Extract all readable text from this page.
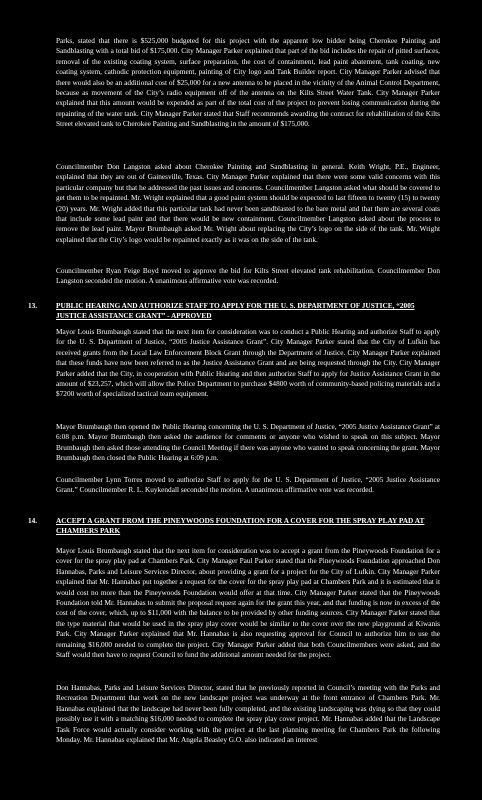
Parks, stated that there is $525,000 budgeted for this project with the apparent low bidder being Cherokee Painting and Sandblasting with a total bid of $175,000. City Manager Parker explained that part of the bid includes the repair of pitted surfaces, removal of the existing coating system, surface preparation, the cost of containment, lead paint abatement, tank coating, new coating system, cathodic protection equipment, painting of City logo and Tank Builder report. City Manager Parker advised that there would also be an additional cost of $25,000 for a new antenna to be placed in the vicinity of the Animal Control Department, because as movement of the City’s radio equipment off of the antenna on the Kilts Street Water Tank. City Manager Parker explained that this amount would be expended as part of the total cost of the project to prevent losing communication during the repainting of the water tank. City Manager Parker stated that Staff recommends awarding the contract for rehabilitation of the Kilts Street elevated tank to Cherokee Painting and Sandblasting in the amount of $175,000.

Councilmember Don Langston asked about Cherokee Painting and Sandblasting in general. Keith Wright, P.E., Engineer, explained that they are out of Gainesville, Texas. City Manager Parker explained that there were some valid concerns with this particular company but that he addressed the past issues and concerns. Councilmember Langston asked what should be covered to get them to be repainted. Mr. Wright explained that a good paint system should be expected to last fifteen to twenty (15) to twenty (20) years. Mr. Wright added that this particular tank had never been sandblasted to the bare metal and that there are several coats that include some lead paint and that there would be new containment. Councilmember Langston asked about the process to remove the lead paint. Mayor Brumbaugh asked Mr. Wright about replacing the City’s logo on the side of the tank. Mr. Wright explained that the City’s logo would be repainted exactly as it was on the side of the tank.

Councilmember Ryan Feige Boyd moved to approve the bid for Kilts Street elevated tank rehabilitation. Councilmember Don Langston seconded the motion. A unanimous affirmative vote was recorded.

13.	PUBLIC HEARING AND AUTHORIZE STAFF TO APPLY FOR THE U. S. DEPARTMENT OF JUSTICE, “2005 JUSTICE ASSISTANCE GRANT” - APPROVED

Mayor Louis Brumbaugh stated that the next item for consideration was to conduct a Public Hearing and authorize Staff to apply for the U. S. Department of Justice, “2005 Justice Assistance Grant”. City Manager Parker stated that the City of Lufkin has received grants from the Local Law Enforcement Block Grant through the Department of Justice. City Manager Parker explained that these funds have now been referred to as the Justice Assistance Grant and are being requested through the City. City Manager Parker added that the City, in cooperation with Public Hearing and then authorize Staff to apply for Justice Assistance Grant in the amount of $23,257, which will allow the Police Department to purchase $4800 worth of community-based policing materials and a $7200 worth of specialized tactical team equipment.

Mayor Brumbaugh then opened the Public Hearing concerning the U. S. Department of Justice, “2005 Justice Assistance Grant” at 6:08 p.m. Mayor Brumbaugh then asked the audience for comments or anyone who wished to speak on this subject. Mayor Brumbaugh then asked those attending the Council Meeting if there was anyone who wanted to speak concerning the grant. Mayor Brumbaugh then closed the Public Hearing at 6:09 p.m.

Councilmember Lynn Torres moved to authorize Staff to apply for the U. S. Department of Justice, “2005 Justice Assistance Grant.” Councilmember R. L. Kuykendall seconded the motion. A unanimous affirmative vote was recorded.

14.	ACCEPT A GRANT FROM THE PINEYWOODS FOUNDATION FOR A COVER FOR THE SPRAY PLAY PAD AT CHAMBERS PARK

Mayor Louis Brumbaugh stated that the next item for consideration was to accept a grant from the Pineywoods Foundation for a cover for the spray play pad at Chambers Park. City Manager Paul Parker stated that the Pineywoods Foundation approached Don Hannabas, Parks and Leisure Services Director, about providing a grant for a project for the City of Lufkin. City Manager Parker explained that Mr. Hannabas put together a request for the cover for the spray play pad at Chambers Park and it is estimated that it would cost no more than the Pineywoods Foundation would offer at that time. City Manager Parker stated that the Pineywoods Foundation told Mr. Hannabas to submit the proposal request again for the grant this year, and that funding is now in excess of the cost of the cover, which, up to $11,000 with the balance to be provided by other funding sources. City Manager Parker stated that the type material that would be used in the spray play cover would be similar to the cover over the new playground at Kiwanis Park. City Manager Parker explained that Mr. Hannabas is also requesting approval for Council to authorize him to use the remaining $16,000 needed to complete the project. City Manager Parker added that both Councilmembers were asked, and the Staff would then have to request Council to fund the additional amount needed for the project.

Don Hannabas, Parks and Leisure Services Director, stated that he previously reported in Council’s meeting with the Parks and Recreation Department that work on the new landscape project was underway at the front entrance of Chambers Park. Mr. Hannabas explained that the landscape had never been fully completed, and the existing landscaping was dying so that they could possibly use it with a matching $16,000 needed to complete the spray play cover project. Mr. Hannabas added that the Landscape Task Force would actually consider working with the project at the last planning meeting for Chambers Park the following Monday. Mr. Hannabas explained that Mr. Angela Beasley G.O. also indicated an interest
